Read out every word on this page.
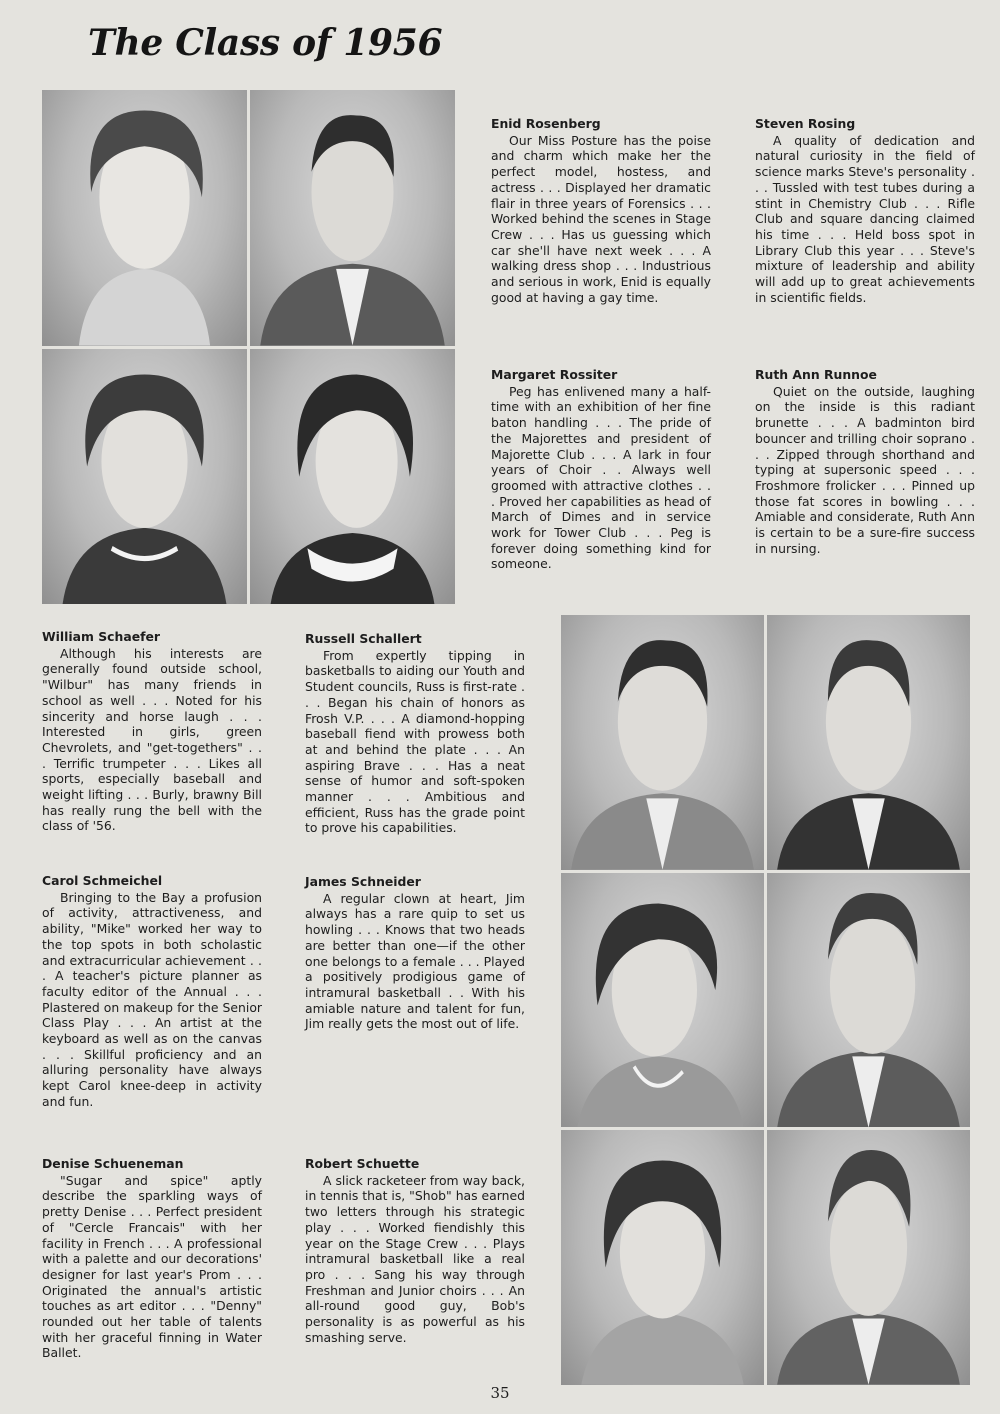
The Class of 1956

Enid Rosenberg

Our Miss Posture has the poise and charm which make her the perfect model, hostess, and actress . . . Displayed her dramatic flair in three years of Forensics . . . Worked behind the scenes in Stage Crew . . . Has us guessing which car she'll have next week . . . A walking dress shop . . . Industrious and serious in work, Enid is equally good at having a gay time.

Steven Rosing

A quality of dedication and natural curiosity in the field of science marks Steve's personality . . . Tussled with test tubes during a stint in Chemistry Club . . . Rifle Club and square dancing claimed his time . . . Held boss spot in Library Club this year . . . Steve's mixture of leadership and ability will add up to great achievements in scientific fields.

Margaret Rossiter

Peg has enlivened many a half-time with an exhibition of her fine baton handling . . . The pride of the Majorettes and president of Majorette Club . . . A lark in four years of Choir . . Always well groomed with attractive clothes . . . Proved her capabilities as head of March of Dimes and in service work for Tower Club . . . Peg is forever doing something kind for someone.

Ruth Ann Runnoe

Quiet on the outside, laughing on the inside is this radiant brunette . . . A badminton bird bouncer and trilling choir soprano . . . Zipped through shorthand and typing at supersonic speed . . . Froshmore frolicker . . . Pinned up those fat scores in bowling . . . Amiable and considerate, Ruth Ann is certain to be a sure-fire success in nursing.

William Schaefer

Although his interests are generally found outside school, "Wilbur" has many friends in school as well . . . Noted for his sincerity and horse laugh . . . Interested in girls, green Chevrolets, and "get-togethers" . . . Terrific trumpeter . . . Likes all sports, especially baseball and weight lifting . . . Burly, brawny Bill has really rung the bell with the class of '56.

Russell Schallert

From expertly tipping in basketballs to aiding our Youth and Student councils, Russ is first-rate . . . Began his chain of honors as Frosh V.P. . . . A diamond-hopping baseball fiend with prowess both at and behind the plate . . . An aspiring Brave . . . Has a neat sense of humor and soft-spoken manner . . . Ambitious and efficient, Russ has the grade point to prove his capabilities.

Carol Schmeichel

Bringing to the Bay a profusion of activity, attractiveness, and ability, "Mike" worked her way to the top spots in both scholastic and extracurricular achievement . . . A teacher's picture planner as faculty editor of the Annual . . . Plastered on makeup for the Senior Class Play . . . An artist at the keyboard as well as on the canvas . . . Skillful proficiency and an alluring personality have always kept Carol knee-deep in activity and fun.

James Schneider

A regular clown at heart, Jim always has a rare quip to set us howling . . . Knows that two heads are better than one—if the other one belongs to a female . . . Played a positively prodigious game of intramural basketball . . With his amiable nature and talent for fun, Jim really gets the most out of life.

Denise Schueneman

"Sugar and spice" aptly describe the sparkling ways of pretty Denise . . . Perfect president of "Cercle Francais" with her facility in French . . . A professional with a palette and our decorations' designer for last year's Prom . . . Originated the annual's artistic touches as art editor . . . "Denny" rounded out her table of talents with her graceful finning in Water Ballet.

Robert Schuette

A slick racketeer from way back, in tennis that is, "Shob" has earned two letters through his strategic play . . . Worked fiendishly this year on the Stage Crew . . . Plays intramural basketball like a real pro . . . Sang his way through Freshman and Junior choirs . . . An all-round good guy, Bob's personality is as powerful as his smashing serve.

35
